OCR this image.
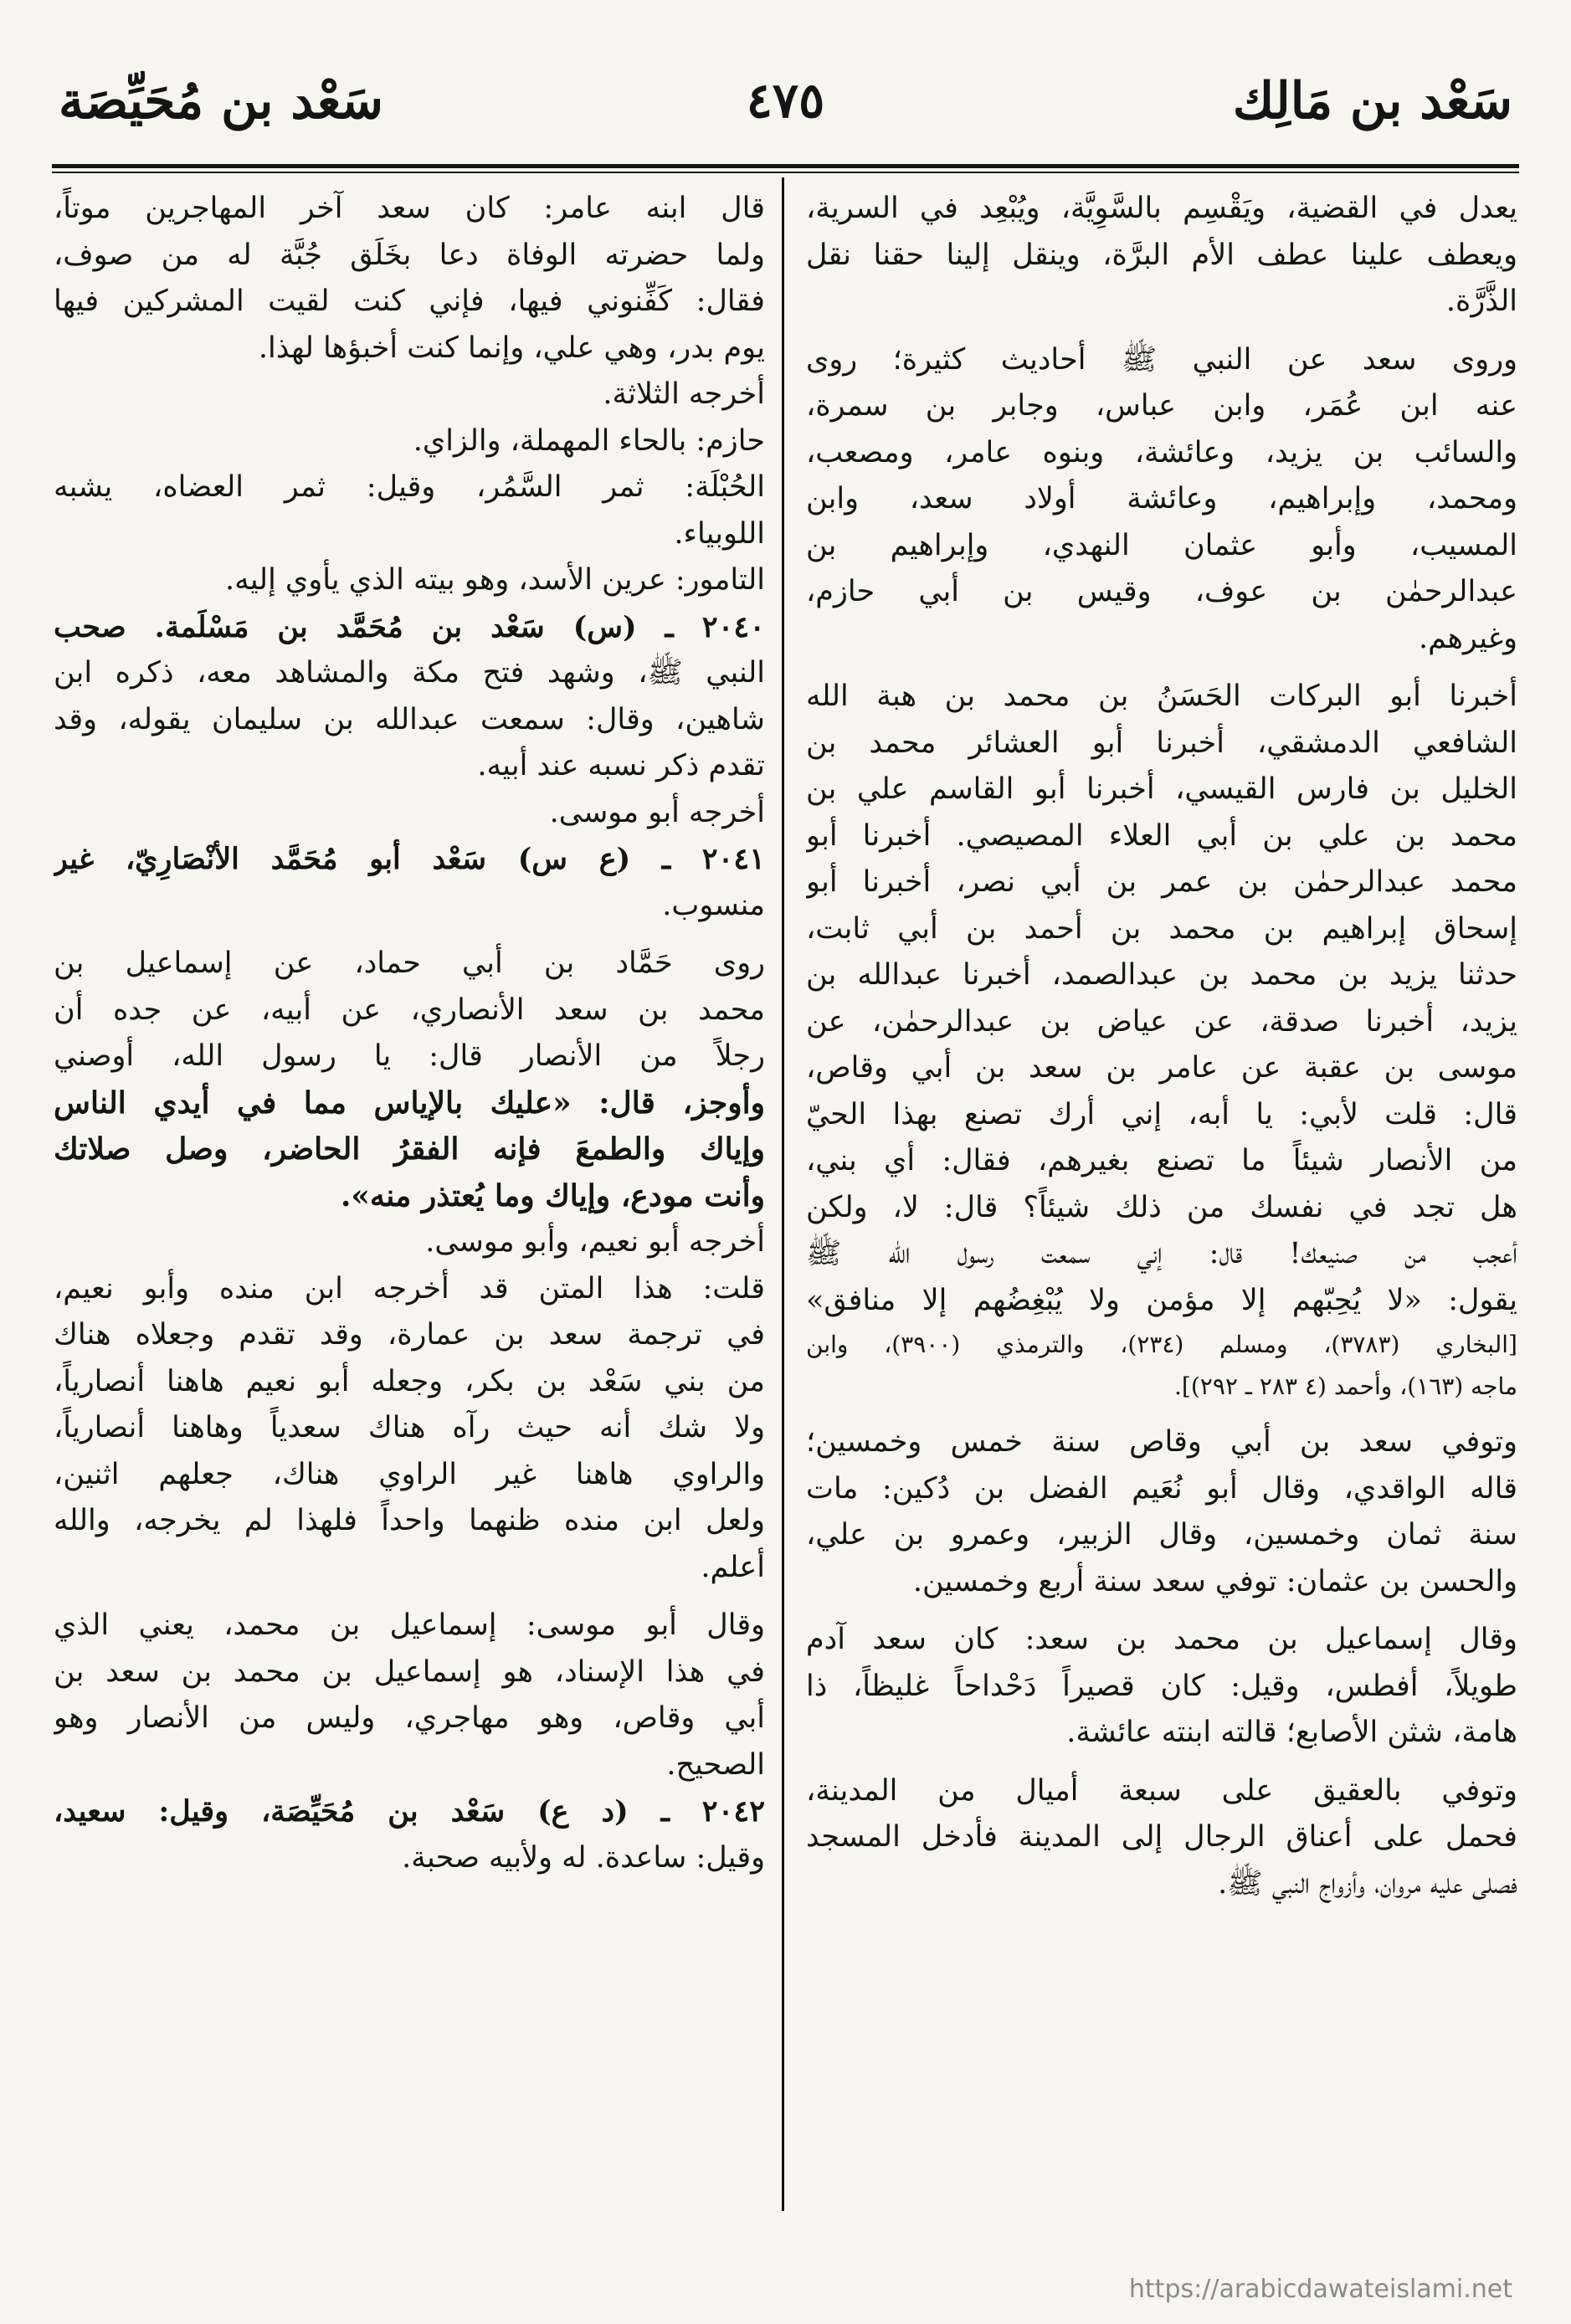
سَعْد بن مَالِك
٤٧٥
سَعْد بن مُحَيِّصَة
يعدل في القضية، ويَقْسِم بالسَّوِيَّة، ويُبْعِد في السرية،
ويعطف علينا عطف الأم البرَّة، وينقل إلينا حقنا نقل
الذَّرَّة.
وروى سعد عن النبي ﷺ أحاديث كثيرة؛ روى
عنه ابن عُمَر، وابن عباس، وجابر بن سمرة،
والسائب بن يزيد، وعائشة، وبنوه عامر، ومصعب،
ومحمد، وإبراهيم، وعائشة أولاد سعد، وابن
المسيب، وأبو عثمان النهدي، وإبراهيم بن
عبدالرحمٰن بن عوف، وقيس بن أبي حازم،
وغيرهم.
أخبرنا أبو البركات الحَسَنُ بن محمد بن هبة الله
الشافعي الدمشقي، أخبرنا أبو العشائر محمد بن
الخليل بن فارس القيسي، أخبرنا أبو القاسم علي بن
محمد بن علي بن أبي العلاء المصيصي. أخبرنا أبو
محمد عبدالرحمٰن بن عمر بن أبي نصر، أخبرنا أبو
إسحاق إبراهيم بن محمد بن أحمد بن أبي ثابت،
حدثنا يزيد بن محمد بن عبدالصمد، أخبرنا عبدالله بن
يزيد، أخبرنا صدقة، عن عياض بن عبدالرحمٰن، عن
موسى بن عقبة عن عامر بن سعد بن أبي وقاص،
قال: قلت لأبي: يا أبه، إني أرك تصنع بهذا الحيّ
من الأنصار شيئاً ما تصنع بغيرهم، فقال: أي بني،
هل تجد في نفسك من ذلك شيئاً؟ قال: لا، ولكن
أعجب من صنيعك! قال: إني سمعت رسول الله ﷺ
يقول: «لا يُحِبّهم إلا مؤمن ولا يُبْغِضُهم إلا منافق»
[البخاري (٣٧٨٣)، ومسلم (٢٣٤)، والترمذي (٣٩٠٠)، وابن
ماجه (١٦٣)، وأحمد (٤ ٢٨٣ ـ ٢٩٢)].
وتوفي سعد بن أبي وقاص سنة خمس وخمسين؛
قاله الواقدي، وقال أبو نُعَيم الفضل بن دُكين: مات
سنة ثمان وخمسين، وقال الزبير، وعمرو بن علي،
والحسن بن عثمان: توفي سعد سنة أربع وخمسين.
وقال إسماعيل بن محمد بن سعد: كان سعد آدم
طويلاً، أفطس، وقيل: كان قصيراً دَحْداحاً غليظاً، ذا
هامة، شثن الأصابع؛ قالته ابنته عائشة.
وتوفي بالعقيق على سبعة أميال من المدينة،
فحمل على أعناق الرجال إلى المدينة فأدخل المسجد
فصلى عليه مروان، وأزواج النبي ﷺ.
قال ابنه عامر: كان سعد آخر المهاجرين موتاً،
ولما حضرته الوفاة دعا بخَلَق جُبَّة له من صوف،
فقال: كَفِّنوني فيها، فإني كنت لقيت المشركين فيها
يوم بدر، وهي علي، وإنما كنت أخبؤها لهذا.
أخرجه الثلاثة.
حازم: بالحاء المهملة، والزاي.
الحُبْلَة: ثمر السَّمُر، وقيل: ثمر العضاه، يشبه
اللوبياء.
التامور: عرين الأسد، وهو بيته الذي يأوي إليه.
٢٠٤٠ ـ (س) سَعْد بن مُحَمَّد بن مَسْلَمة. صحب
النبي ﷺ، وشهد فتح مكة والمشاهد معه، ذكره ابن
شاهين، وقال: سمعت عبدالله بن سليمان يقوله، وقد
تقدم ذكر نسبه عند أبيه.
أخرجه أبو موسى.
٢٠٤١ ـ (ع س) سَعْد أبو مُحَمَّد الأنْصَارِيّ، غير
منسوب.
روى حَمَّاد بن أبي حماد، عن إسماعيل بن
محمد بن سعد الأنصاري، عن أبيه، عن جده أن
رجلاً من الأنصار قال: يا رسول الله، أوصني
وأوجز، قال: «عليك بالإياس مما في أيدي الناس
وإياك والطمعَ فإنه الفقرُ الحاضر، وصل صلاتك
وأنت مودع، وإياك وما يُعتذر منه».
أخرجه أبو نعيم، وأبو موسى.
قلت: هذا المتن قد أخرجه ابن منده وأبو نعيم،
في ترجمة سعد بن عمارة، وقد تقدم وجعلاه هناك
من بني سَعْد بن بكر، وجعله أبو نعيم هاهنا أنصارياً،
ولا شك أنه حيث رآه هناك سعدياً وهاهنا أنصارياً،
والراوي هاهنا غير الراوي هناك، جعلهم اثنين،
ولعل ابن منده ظنهما واحداً فلهذا لم يخرجه، والله
أعلم.
وقال أبو موسى: إسماعيل بن محمد، يعني الذي
في هذا الإسناد، هو إسماعيل بن محمد بن سعد بن
أبي وقاص، وهو مهاجري، وليس من الأنصار وهو
الصحيح.
٢٠٤٢ ـ (د ع) سَعْد بن مُحَيِّصَة، وقيل: سعيد،
وقيل: ساعدة. له ولأبيه صحبة.
https://arabicdawateislami.net
